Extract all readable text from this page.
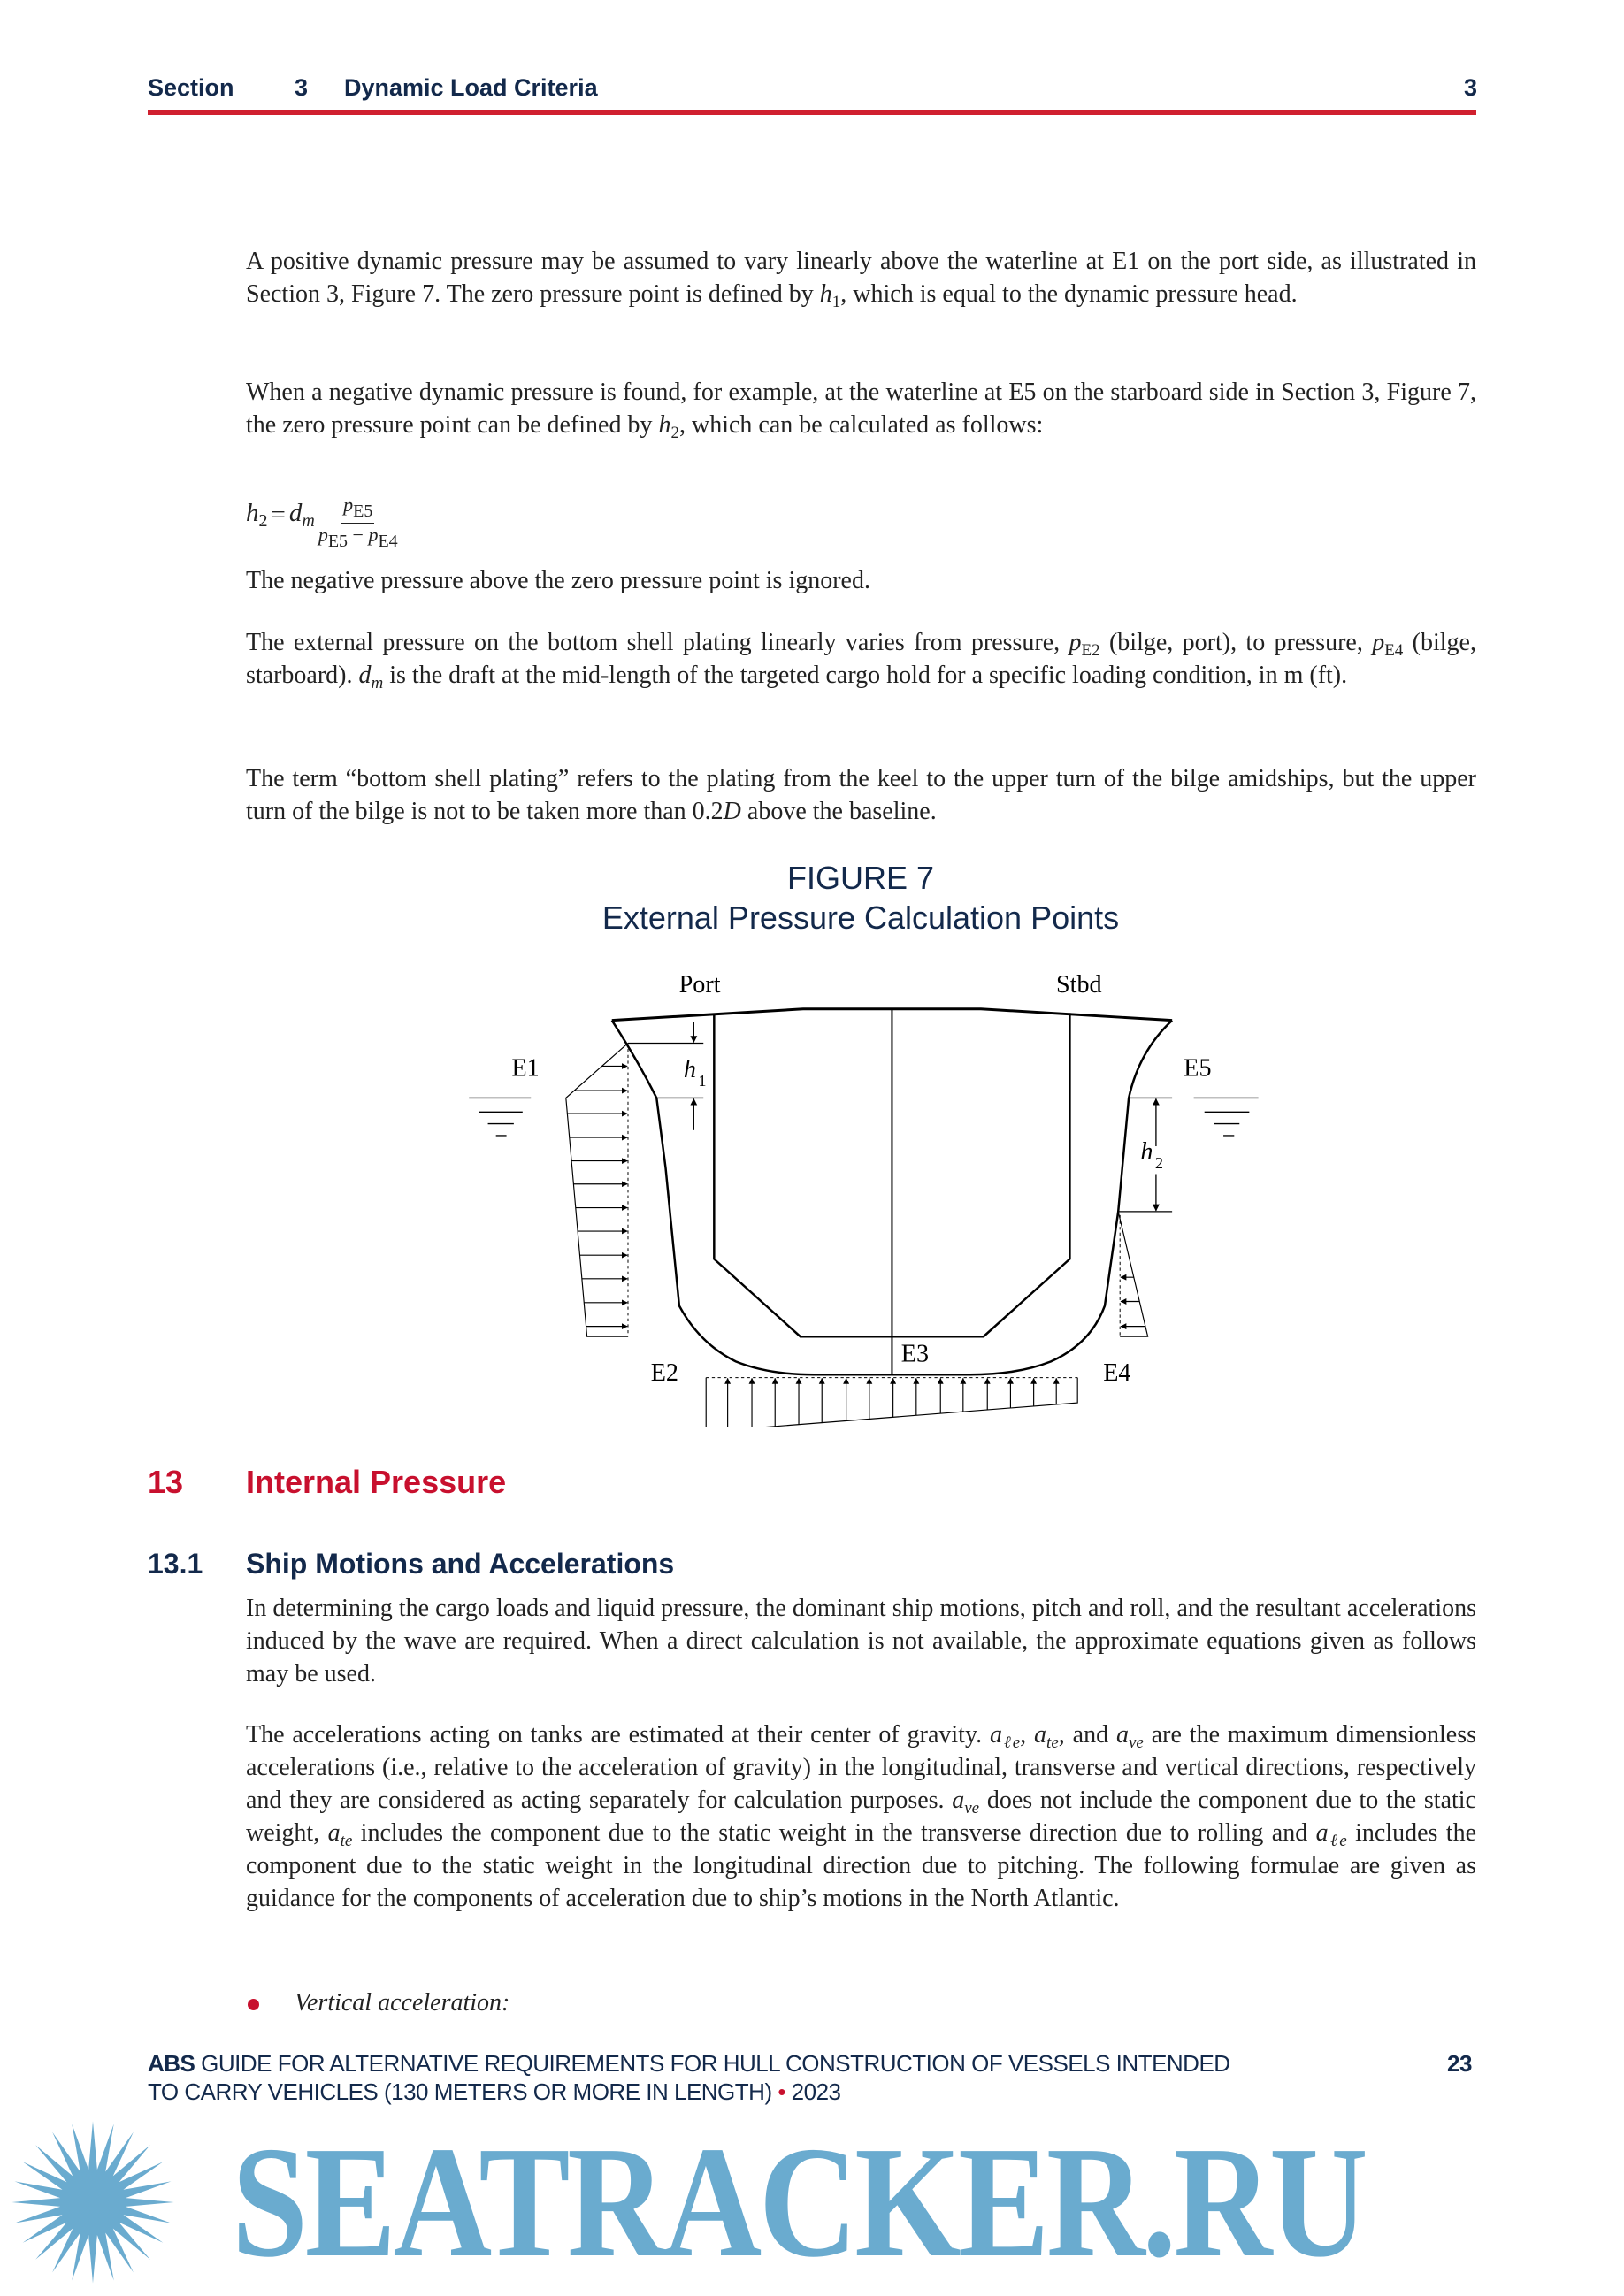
Section	3 Dynamic Load Criteria	3
A positive dynamic pressure may be assumed to vary linearly above the waterline at E1 on the port side, as illustrated in Section 3, Figure 7. The zero pressure point is defined by $h_1$, which is equal to the dynamic pressure head.
When a negative dynamic pressure is found, for example, at the waterline at E5 on the starboard side in Section 3, Figure 7, the zero pressure point can be defined by $h_2$, which can be calculated as follows:
$h_2 = d_m \frac{p_{E5}}{p_{E5} - p_{E4}}$
The negative pressure above the zero pressure point is ignored.
The external pressure on the bottom shell plating linearly varies from pressure, $p_{E2}$ (bilge, port), to pressure, $p_{E4}$ (bilge, starboard). $d_m$ is the draft at the mid-length of the targeted cargo hold for a specific loading condition, in m (ft).
The term “bottom shell plating” refers to the plating from the keel to the upper turn of the bilge amidships, but the upper turn of the bilge is not to be taken more than 0.2D above the baseline.
FIGURE 7
External Pressure Calculation Points
Port	Stbd
E1	E5
E2
E3
E4
h 1
h 2
13 Internal Pressure
13.1 Ship Motions and Accelerations
In determining the cargo loads and liquid pressure, the dominant ship motions, pitch and roll, and the resultant accelerations induced by the wave are required. When a direct calculation is not available, the approximate equations given as follows may be used.
The accelerations acting on tanks are estimated at their center of gravity. $a_{\ell e}$, $a_{te}$, and $a_{ve}$ are the maximum dimensionless accelerations (i.e., relative to the acceleration of gravity) in the longitudinal, transverse and vertical directions, respectively and they are considered as acting separately for calculation purposes. $a_{ve}$ does not include the component due to the static weight, $a_{te}$ includes the component due to the static weight in the transverse direction due to rolling and $a_{\ell e}$ includes the component due to the static weight in the longitudinal direction due to pitching. The following formulae are given as guidance for the components of acceleration due to ship’s motions in the North Atlantic.
Vertical acceleration:
ABS GUIDE FOR ALTERNATIVE REQUIREMENTS FOR HULL CONSTRUCTION OF VESSELS INTENDED
TO CARRY VEHICLES (130 METERS OR MORE IN LENGTH) • 2023
23
SEATRACKER.RU
